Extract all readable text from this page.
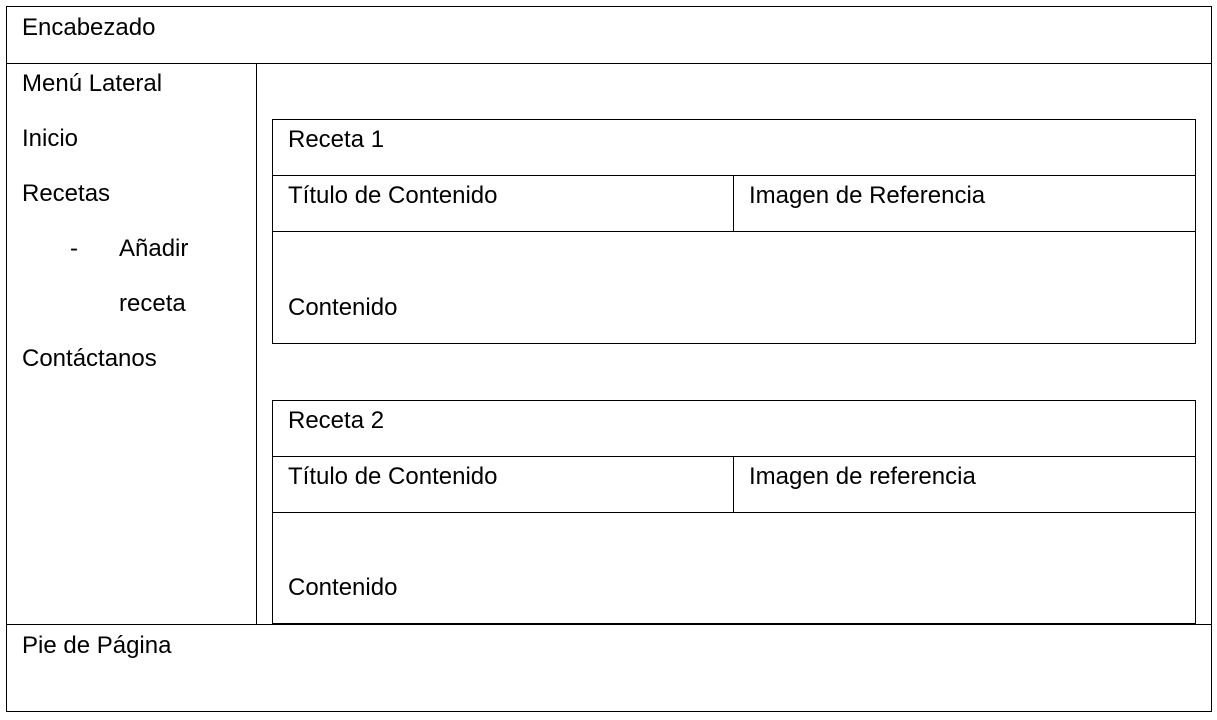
Encabezado
Menú Lateral
Inicio
Recetas
- Añadir
receta
Contáctanos
Receta 1
Título de Contenido	Imagen de Referencia
Contenido
Receta 2
Título de Contenido	Imagen de referencia
Contenido
Pie de Página
